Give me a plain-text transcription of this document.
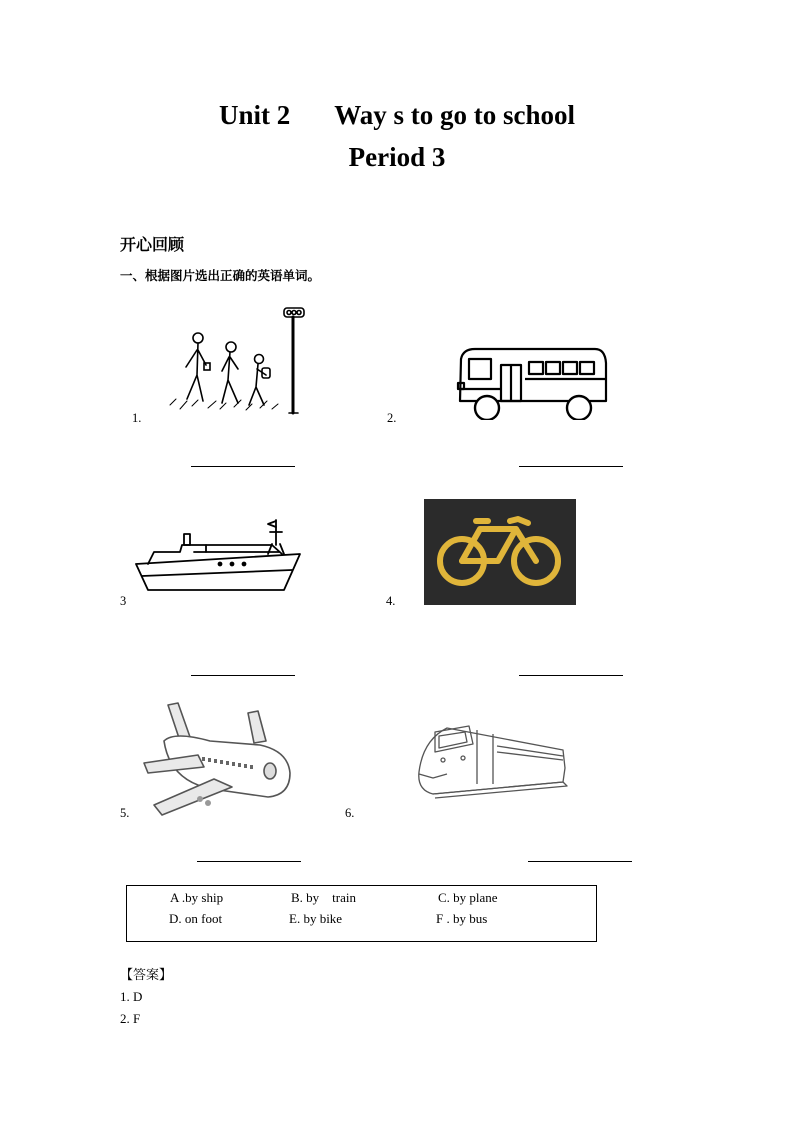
Unit 2 Way s to go to school
Period 3
开心回顾
一、根据图片选出正确的英语单词。
1.	2.
3	4.
5.	6.
A .by ship	B. by    train	C. by plane
D. on foot	E. by bike	F . by bus
【答案】
1. D
2. F
